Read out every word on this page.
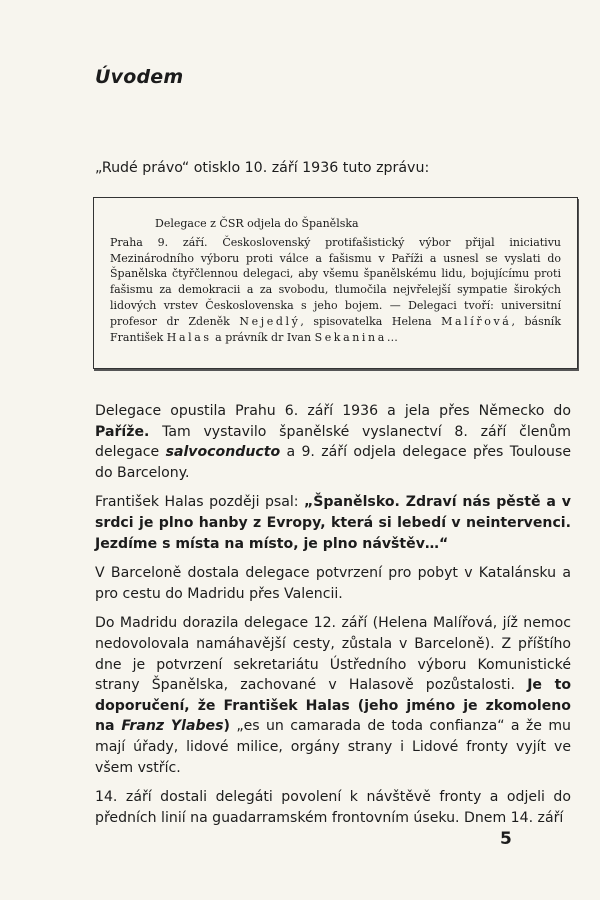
Úvodem

„Rudé právo“ otisklo 10. září 1936 tuto zprávu:

Delegace z ČSR odjela do Španělska

Praha 9. září. Československý protifašistický výbor přijal iniciativu Mezinárodního výboru proti válce a fašismu v Paříži a usnesl se vyslati do Španělska čtyřčlennou delegaci, aby všemu španělskému lidu, bojujícímu proti fašismu za demokracii a za svobodu, tlumočila nejvřelejší sympatie širokých lidových vrstev Československa s jeho bojem. — Delegaci tvoří: universitní profesor dr Zdeněk Nejedlý, spisovatelka Helena Malířová, básník František Halas a právník dr Ivan Sekanina…

Delegace opustila Prahu 6. září 1936 a jela přes Německo do Paříže. Tam vystavilo španělské vyslanectví 8. září členům delegace salvoconducto a 9. září odjela delegace přes Toulouse do Barcelony.

František Halas později psal: „Španělsko. Zdraví nás pěstě a v srdci je plno hanby z Evropy, která si lebedí v neintervenci. Jezdíme s místa na místo, je plno návštěv…“

V Barceloně dostala delegace potvrzení pro pobyt v Katalánsku a pro cestu do Madridu přes Valencii.

Do Madridu dorazila delegace 12. září (Helena Malířová, jíž nemoc nedovolovala namáhavější cesty, zůstala v Barceloně). Z příštího dne je potvrzení sekretariátu Ústředního výboru Komunistické strany Španělska, zachované v Halasově pozůstalosti. Je to doporučení, že František Halas (jeho jméno je zkomoleno na Franz Ylabes) „es un camarada de toda confianza“ a že mu mají úřady, lidové milice, orgány strany i Lidové fronty vyjít ve všem vstříc.

14. září dostali delegáti povolení k návštěvě fronty a odjeli do předních linií na guadarramském frontovním úseku. Dnem 14. září

5
